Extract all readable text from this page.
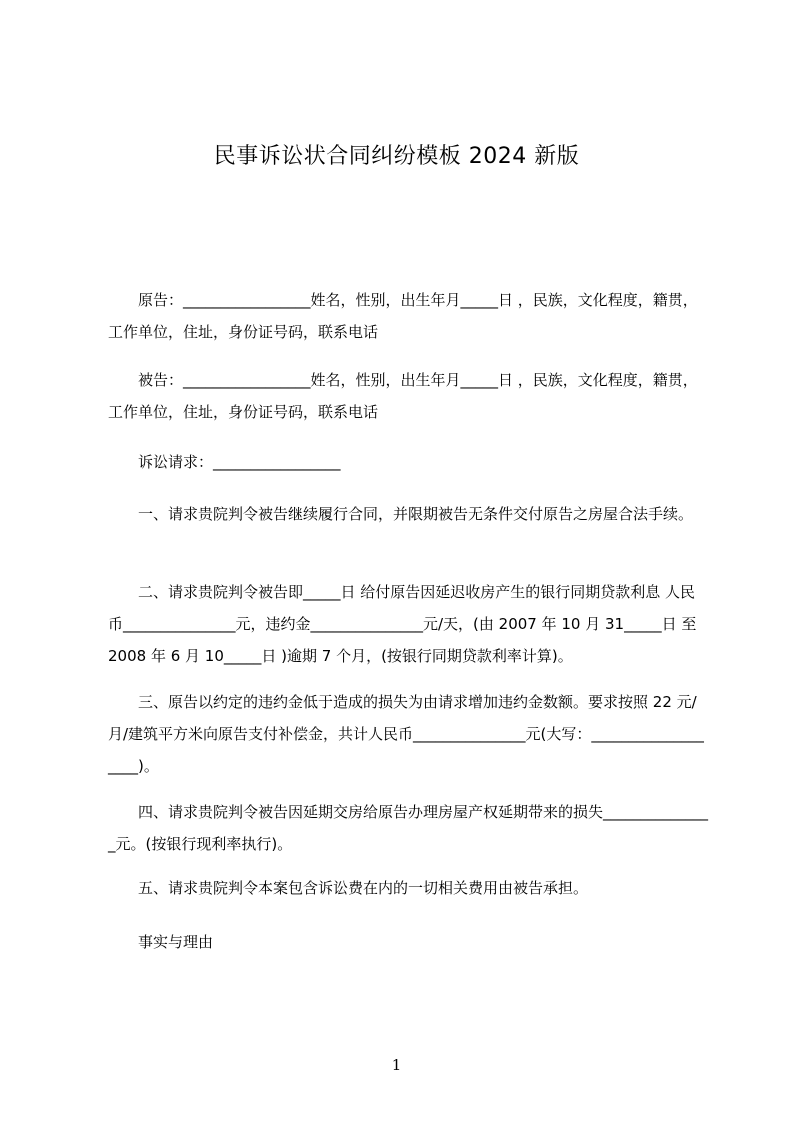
民事诉讼状合同纠纷模板 2024 新版

原告：_________________姓名，性别，出生年月_____日 ，民族，文化程度，籍贯，工作单位，住址，身份证号码，联系电话

被告：_________________姓名，性别，出生年月_____日 ，民族，文化程度，籍贯，工作单位，住址，身份证号码，联系电话

诉讼请求：_________________

一、请求贵院判令被告继续履行合同，并限期被告无条件交付原告之房屋合法手续。

二、请求贵院判令被告即_____日 给付原告因延迟收房产生的银行同期贷款利息 人民币_______________元，违约金_______________元/天，(由 2007 年 10 月 31_____日 至 2008 年 6 月 10_____日 )逾期 7 个月，(按银行同期贷款利率计算)。

三、原告以约定的违约金低于造成的损失为由请求增加违约金数额。要求按照 22 元/月/建筑平方米向原告支付补偿金，共计人民币_______________元(大写：___________________)。

四、请求贵院判令被告因延期交房给原告办理房屋产权延期带来的损失_______________元。(按银行现利率执行)。

五、请求贵院判令本案包含诉讼费在内的一切相关费用由被告承担。

事实与理由

1
